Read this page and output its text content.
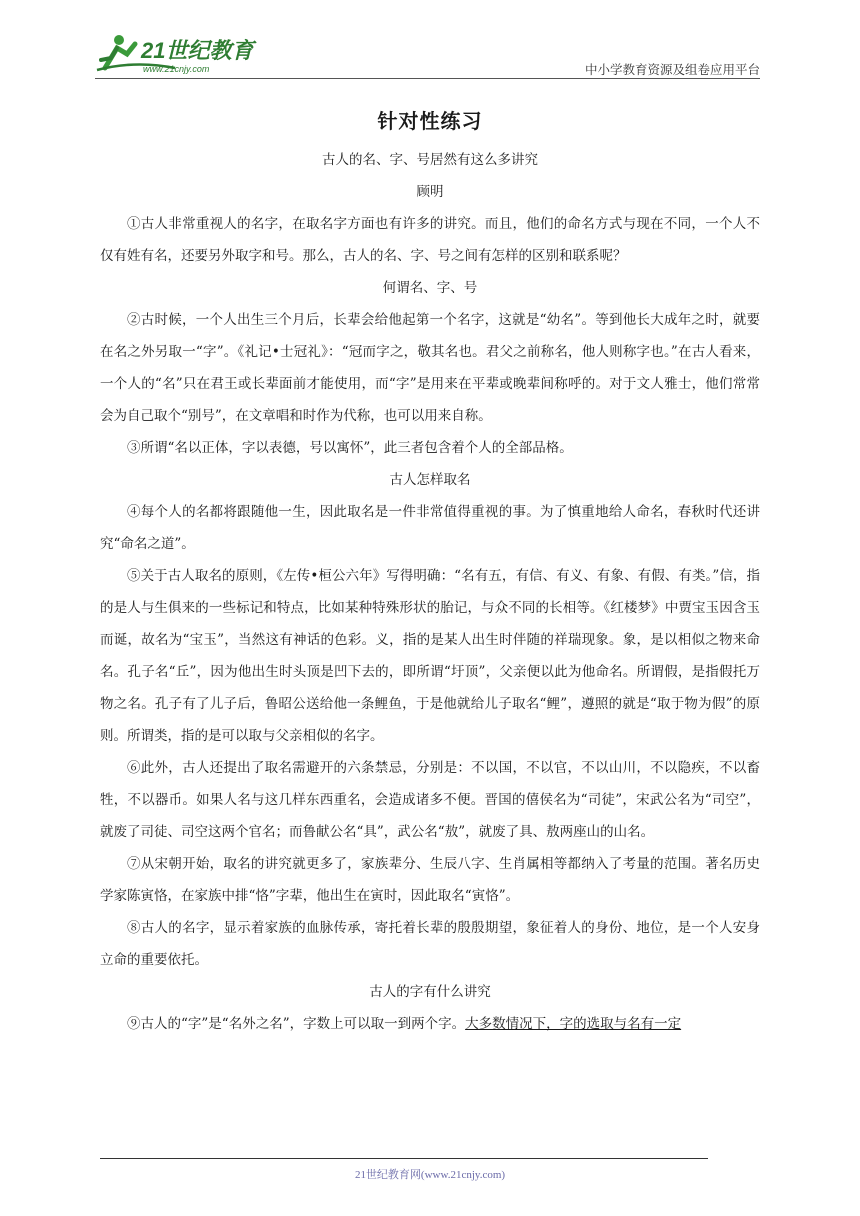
21世纪教育
www.21cnjy.com	中小学教育资源及组卷应用平台
针对性练习
古人的名、字、号居然有这么多讲究
顾明

①古人非常重视人的名字，在取名字方面也有许多的讲究。而且，他们的命名方式与现在不同，一个人不仅有姓有名，还要另外取字和号。那么，古人的名、字、号之间有怎样的区别和联系呢？

何谓名、字、号

②古时候，一个人出生三个月后，长辈会给他起第一个名字，这就是“幼名”。等到他长大成年之时，就要在名之外另取一“字”。《礼记•士冠礼》：“冠而字之，敬其名也。君父之前称名，他人则称字也。”在古人看来，一个人的“名”只在君王或长辈面前才能使用，而“字”是用来在平辈或晚辈间称呼的。对于文人雅士，他们常常会为自己取个“别号”，在文章唱和时作为代称，也可以用来自称。

③所谓“名以正体，字以表德，号以寓怀”，此三者包含着个人的全部品格。

古人怎样取名

④每个人的名都将跟随他一生，因此取名是一件非常值得重视的事。为了慎重地给人命名，春秋时代还讲究“命名之道”。

⑤关于古人取名的原则，《左传•桓公六年》写得明确：“名有五，有信、有义、有象、有假、有类。”信，指的是人与生俱来的一些标记和特点，比如某种特殊形状的胎记，与众不同的长相等。《红楼梦》中贾宝玉因含玉而诞，故名为“宝玉”，当然这有神话的色彩。义，指的是某人出生时伴随的祥瑞现象。象，是以相似之物来命名。孔子名“丘”，因为他出生时头顶是凹下去的，即所谓“圩顶”，父亲便以此为他命名。所谓假，是指假托万物之名。孔子有了儿子后，鲁昭公送给他一条鲤鱼，于是他就给儿子取名“鲤”，遵照的就是“取于物为假”的原则。所谓类，指的是可以取与父亲相似的名字。

⑥此外，古人还提出了取名需避开的六条禁忌，分别是：不以国，不以官，不以山川，不以隐疾，不以畜牲，不以器币。如果人名与这几样东西重名，会造成诸多不便。晋国的僖侯名为“司徒”，宋武公名为“司空”，就废了司徒、司空这两个官名；而鲁献公名“具”，武公名“敖”，就废了具、敖两座山的山名。

⑦从宋朝开始，取名的讲究就更多了，家族辈分、生辰八字、生肖属相等都纳入了考量的范围。著名历史学家陈寅恪，在家族中排“恪”字辈，他出生在寅时，因此取名“寅恪”。

⑧古人的名字，显示着家族的血脉传承，寄托着长辈的殷殷期望，象征着人的身份、地位，是一个人安身立命的重要依托。

古人的字有什么讲究

⑨古人的“字”是“名外之名”，字数上可以取一到两个字。大多数情况下，字的选取与名有一定

21世纪教育网(www.21cnjy.com)
